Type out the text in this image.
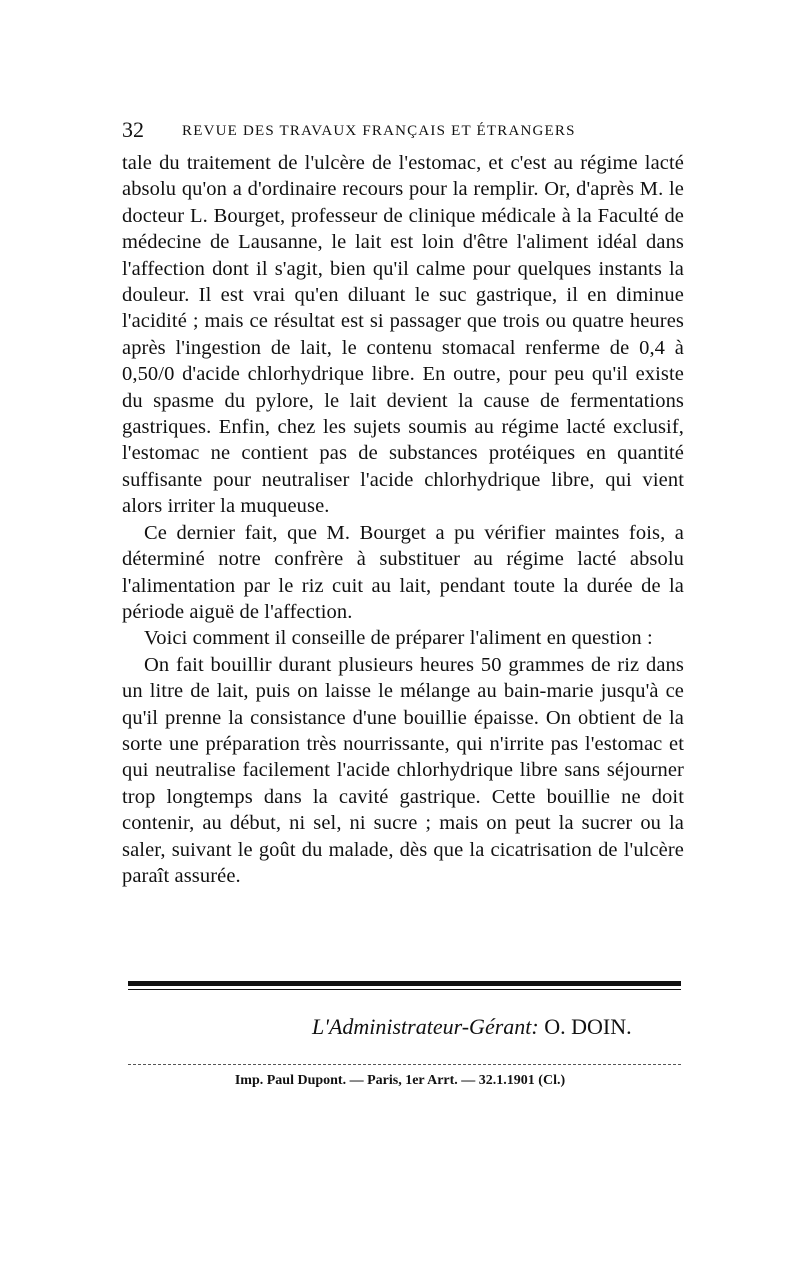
32	REVUE DES TRAVAUX FRANÇAIS ET ÉTRANGERS

tale du traitement de l'ulcère de l'estomac, et c'est au régime lacté absolu qu'on a d'ordinaire recours pour la remplir. Or, d'après M. le docteur L. Bourget, professeur de clinique médicale à la Faculté de médecine de Lausanne, le lait est loin d'être l'aliment idéal dans l'affection dont il s'agit, bien qu'il calme pour quelques instants la douleur. Il est vrai qu'en diluant le suc gastrique, il en diminue l'acidité ; mais ce résultat est si passager que trois ou quatre heures après l'ingestion de lait, le contenu stomacal renferme de 0,4 à 0,50/0 d'acide chlorhydrique libre. En outre, pour peu qu'il existe du spasme du pylore, le lait devient la cause de fermentations gastriques. Enfin, chez les sujets soumis au régime lacté exclusif, l'estomac ne contient pas de substances protéiques en quantité suffisante pour neutraliser l'acide chlorhydrique libre, qui vient alors irriter la muqueuse.

Ce dernier fait, que M. Bourget a pu vérifier maintes fois, a déterminé notre confrère à substituer au régime lacté absolu l'alimentation par le riz cuit au lait, pendant toute la durée de la période aiguë de l'affection.

Voici comment il conseille de préparer l'aliment en question :

On fait bouillir durant plusieurs heures 50 grammes de riz dans un litre de lait, puis on laisse le mélange au bain-marie jusqu'à ce qu'il prenne la consistance d'une bouillie épaisse. On obtient de la sorte une préparation très nourrissante, qui n'irrite pas l'estomac et qui neutralise facilement l'acide chlorhydrique libre sans séjourner trop longtemps dans la cavité gastrique. Cette bouillie ne doit contenir, au début, ni sel, ni sucre ; mais on peut la sucrer ou la saler, suivant le goût du malade, dès que la cicatrisation de l'ulcère paraît assurée.

L'Administrateur-Gérant: O. DOIN.
Imp. Paul Dupont. — Paris, 1er Arrt. — 32.1.1901 (Cl.)
